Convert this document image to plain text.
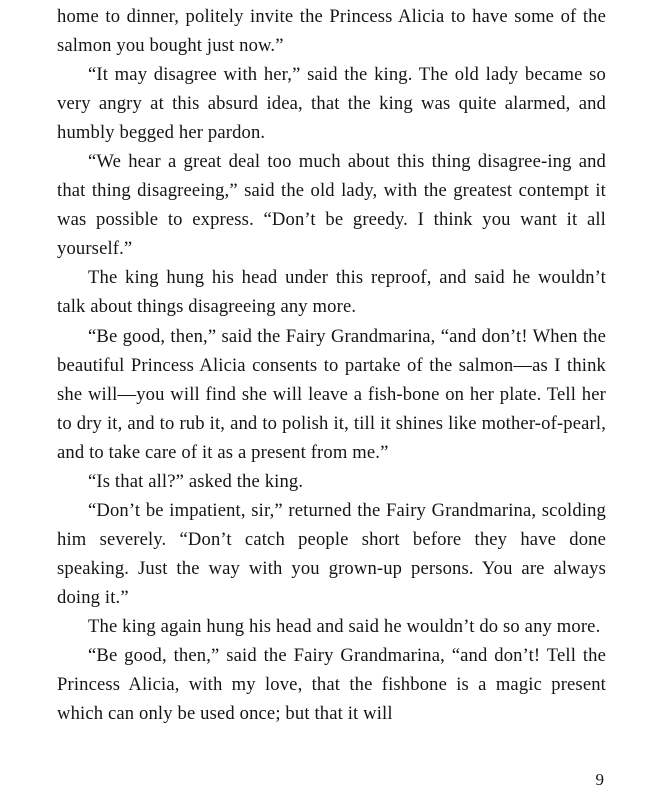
home to dinner, politely invite the Princess Alicia to have some of the salmon you bought just now.”

“It may disagree with her,” said the king. The old lady became so very angry at this absurd idea, that the king was quite alarmed, and humbly begged her pardon.

“We hear a great deal too much about this thing disagree-ing and that thing disagreeing,” said the old lady, with the greatest contempt it was possible to express. “Don’t be greedy. I think you want it all yourself.”

The king hung his head under this reproof, and said he wouldn’t talk about things disagreeing any more.

“Be good, then,” said the Fairy Grandmarina, “and don’t! When the beautiful Princess Alicia consents to partake of the salmon—as I think she will—you will find she will leave a fish-bone on her plate. Tell her to dry it, and to rub it, and to polish it, till it shines like mother-of-pearl, and to take care of it as a present from me.”

“Is that all?” asked the king.

“Don’t be impatient, sir,” returned the Fairy Grandmarina, scolding him severely. “Don’t catch people short before they have done speaking. Just the way with you grown-up persons. You are always doing it.”

The king again hung his head and said he wouldn’t do so any more.

“Be good, then,” said the Fairy Grandmarina, “and don’t! Tell the Princess Alicia, with my love, that the fishbone is a magic present which can only be used once; but that it will

9
